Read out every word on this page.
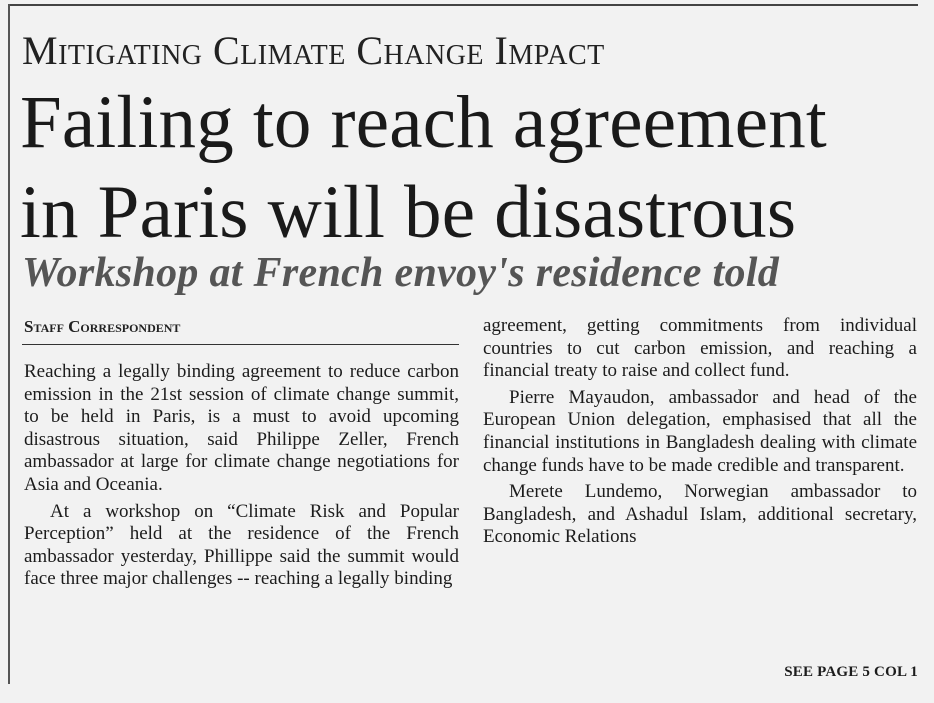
Mitigating Climate Change Impact
Failing to reach agreement
in Paris will be disastrous
Workshop at French envoy's residence told
Staff Correspondent

Reaching a legally binding agreement to reduce carbon emission in the 21st session of climate change summit, to be held in Paris, is a must to avoid upcoming disastrous situation, said Philippe Zeller, French ambassador at large for climate change negotiations for Asia and Oceania.

At a workshop on “Climate Risk and Popular Perception” held at the residence of the French ambassador yesterday, Phillippe said the summit would face three major challenges -- reaching a legally binding

agreement, getting commitments from individual countries to cut carbon emission, and reaching a financial treaty to raise and collect fund.

Pierre Mayaudon, ambassador and head of the European Union delegation, emphasised that all the financial institutions in Bangladesh dealing with climate change funds have to be made credible and transparent.

Merete Lundemo, Norwegian ambassador to Bangladesh, and Ashadul Islam, additional secretary, Economic Relations

SEE PAGE 5 COL 1
